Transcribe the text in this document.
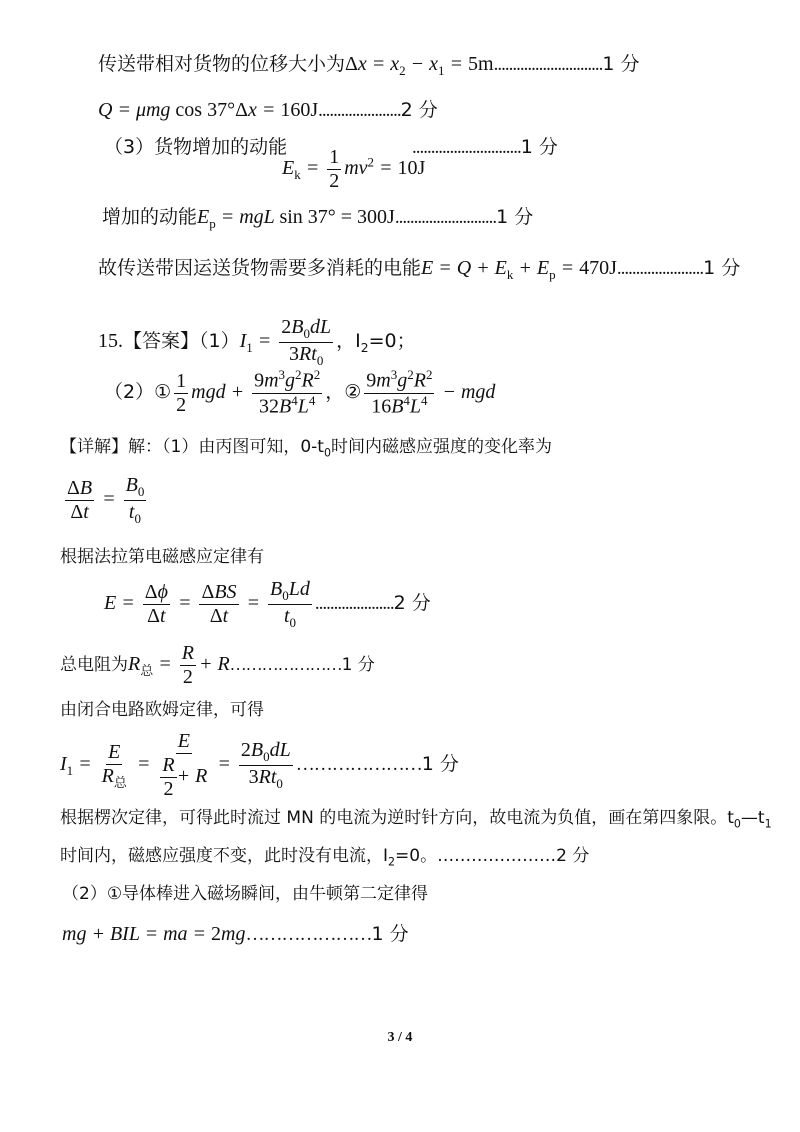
传送带相对货物的位移大小为$\Delta x = x_2 - x_1 = 5m.............................1$ 分
Q = μmg cos 37°Δx = 160J......................2 分
（3）货物增加的动能
$E_k = \frac{1}{2} mv^2 = 10J$
.............................1 分
增加的动能$E_p$ = mgL sin 37° = 300J...........................1 分
故传送带因运送货物需要多消耗的电能$E = Q + E_k + E_p = 470J.......................1$ 分
15.【答案】$(1)I_1 = \frac{2B_0dL}{3Rt_0}$ ，$I_2=0$；
（2）① $\frac{1}{2}$ mgd + $\frac{9m^3g^2R^2}{32B^4L^4}$ ，② $\frac{9m^3g^2R^2}{16B^4L^4}$ − mgd
【详解】解：（1）由丙图可知，$0-t_0$时间内磁感应强度的变化率为
$\frac{\Delta B}{\Delta t} = \frac{B_0}{t_0}$
根据法拉第电磁感应定律有
$E = \frac{\Delta\phi}{\Delta t} = \frac{\text{ΔBS}}{\Delta t} = \frac{B_0Ld}{t_0} .....................2$ 分
总电阻为$R_总 = \frac{R}{2}$ + R…………………1 分
由闭合电路欧姆定律，可得
$I_1 = \frac{E}{R_总} = \frac{E}{\frac{R}{2} + R} = \frac{2B_0dL}{3Rt_0}$ …………………1 分
根据楞次定律，可得此时流过 MN 的电流为逆时针方向，故电流为负值，画在第四象限。$t_0—t_1$
时间内，磁感应强度不变，此时没有电流，$I_2=0$。…………………2 分
（2）①导体棒进入磁场瞬间，由牛顿第二定律得
mg + BIL = ma = 2mg…………………1 分
3 / 4
